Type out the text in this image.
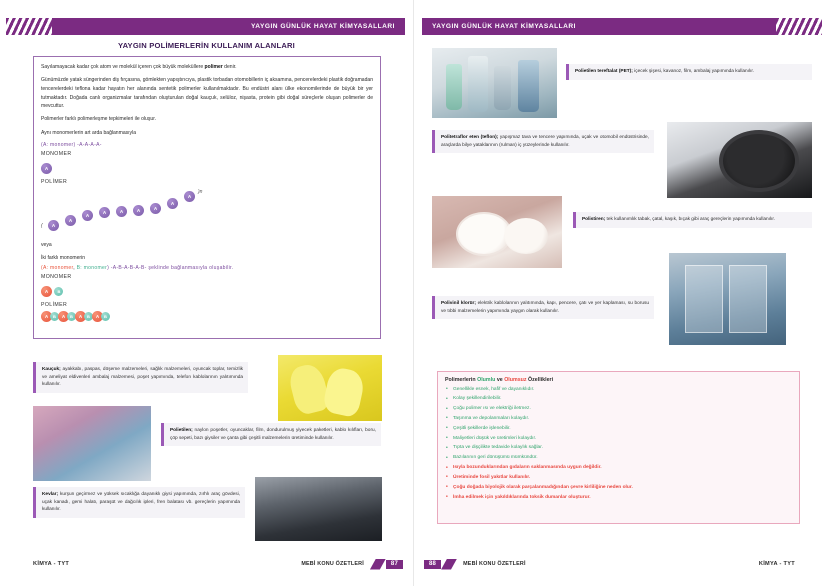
YAYGIN GÜNLÜK HAYAT KİMYASALLARI
YAYGIN POLİMERLERİN KULLANIM ALANLARI
Sayılamayacak kadar çok atom ve molekül içeren çok büyük moleküllere polimer denir.
Günümüzde yatak süngerinden diş fırçasına, gömlekten yapıştırıcıya, plastik torbadan otomobillerin iç aksamına, pencerelerdeki plastik doğramadan tencerelerdeki teflona kadar hayatın her alanında sentetik polimerler kullanılmaktadır. Bu endüstri alanı ülke ekonomilerinde de büyük bir yer tutmaktadır. Doğada canlı organizmalar tarafından oluşturulan doğal kauçuk, selüloz, nişasta, protein gibi doğal süreçlerle oluşan polimerler de mevcuttur.
Polimerler farklı polimerleşme tepkimeleri ile oluşur.
Aynı monomerlerin art arda bağlanmasıyla
(A: monomer) -A-A-A-A-
MONOMER
A
POLİMER
(	A
A
A
A	A	A	A
A
A
)n
veya
İki farklı monomerin
(A: monomer, B: monomer) -A-B-A-B-A-B- şeklinde bağlanmasıyla oluşabilir.
MONOMER
A B
POLİMER
A	B	A	B	A	B	A	B
Kauçuk; ayakkabı, paspas, döşeme malzemeleri, sağlık malzemeleri, oyuncak toplar, temizlik ve ameliyat eldivenleri ambalaj malzemesi, poşet yapımında, telefon kablolarının yalıtımında kullanılır.
Polietilen; naylon poşetler, oyuncaklar, film, dondurulmuş yiyecek paketleri, kablo kılıfları, boru, çöp sepeti, bazı giysiler ve çanta gibi çeşitli malzemelerin üretiminde kullanılır.
Kevlar; kurşun geçirmez ve yüksek sıcaklığa dayanıklı giysi yapımında, zırhlı araç gövdesi, uçak kanadı, gemi halatı, paraşüt ve dağcılık ipleri, fren balatası vb. gereçlerin yapımında kullanılır.
KİMYA - TYT	MEBİ KONU ÖZETLERİ	87
YAYGIN GÜNLÜK HAYAT KİMYASALLARI
Polietilen tereftalat (PET); içecek şişesi, kavanoz, film, ambalaj yapımında kullanılır.
Politetraflor eten (teflon); yapışmaz tava ve tencere yapımında, uçak ve otomobil endüstrisinde, araçlarda bilye yataklarının (rulman) iç yüzeylerinde kullanılır.
Polistiren; tek kullanımlık tabak, çatal, kaşık, bıçak gibi araç gereçlerin yapımında kullanılır.
Polivinil klorür; elektrik kablolarının yalıtımında, kapı, pencere, çatı ve yer kaplaması, su borusu ve tıbbi malzemelerin yapımında yaygın olarak kullanılır.
Polimerlerin Olumlu ve Olumsuz Özellikleri
• Genellikle esnek, hafif ve dayanıklıdır.
• Kolay şekillendirilebilir.
• Çoğu polimer ısı ve elektriği iletmez.
• Taşınma ve depolanmaları kolaydır.
• Çeşitli şekillerde işlenebilir.
• Maliyetleri düşük ve üretimleri kolaydır.
• Tıpta ve dişçilikte tedavide kolaylık sağlar.
• Bazılarının geri dönüşümü mümkündür.
• Isıyla bozunduklarından gıdaların saklanmasında uygun değildir.
• Üretiminde fosil yakıtlar kullanılır.
• Çoğu doğada biyolojik olarak parçalanmadığından çevre kirliliğine neden olur.
• İmha edilmek için yakıldıklarında toksik dumanlar oluşturur.
88	MEBİ KONU ÖZETLERİ	KİMYA - TYT
